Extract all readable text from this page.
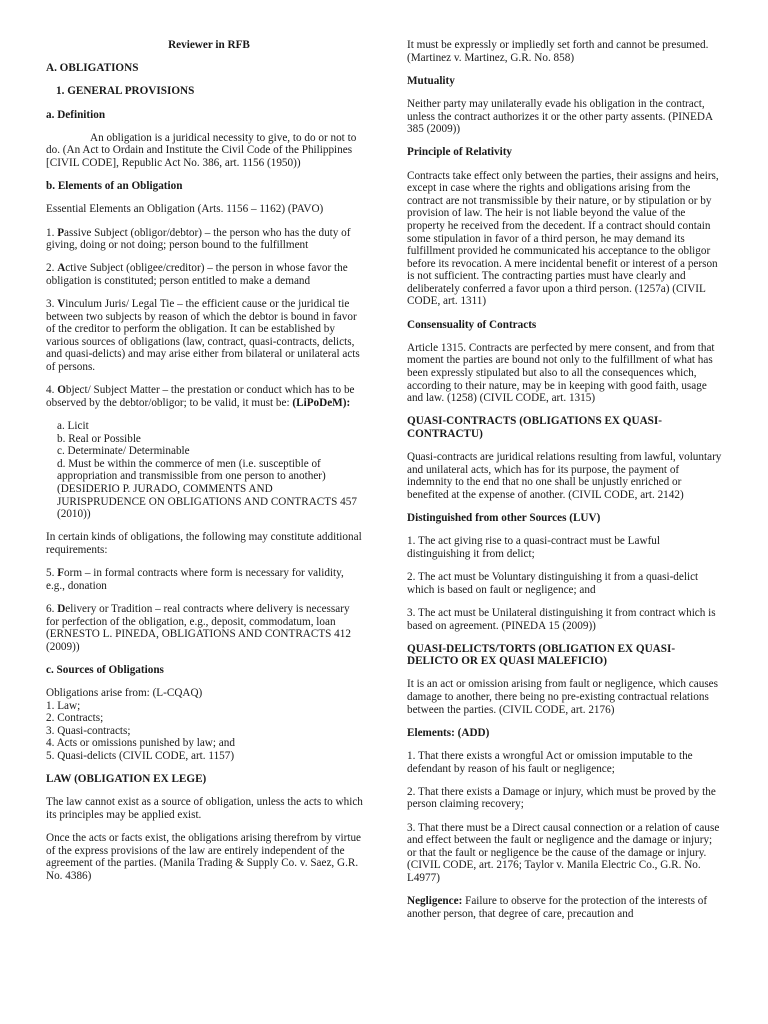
Reviewer in RFB

A. OBLIGATIONS

1. GENERAL PROVISIONS

a. Definition

An obligation is a juridical necessity to give, to do or not to do. (An Act to Ordain and Institute the Civil Code of the Philippines [CIVIL CODE], Republic Act No. 386, art. 1156 (1950))

b. Elements of an Obligation

Essential Elements an Obligation (Arts. 1156 – 1162) (PAVO)

1. Passive Subject (obligor/debtor) – the person who has the duty of giving, doing or not doing; person bound to the fulfillment

2. Active Subject (obligee/creditor) – the person in whose favor the obligation is constituted; person entitled to make a demand

3. Vinculum Juris/ Legal Tie – the efficient cause or the juridical tie between two subjects by reason of which the debtor is bound in favor of the creditor to perform the obligation. It can be established by various sources of obligations (law, contract, quasi-contracts, delicts, and quasi-delicts) and may arise either from bilateral or unilateral acts of persons.

4. Object/ Subject Matter – the prestation or conduct which has to be observed by the debtor/obligor; to be valid, it must be: (LiPoDeM):

a. Licit

b. Real or Possible

c. Determinate/ Determinable

d. Must be within the commerce of men (i.e. susceptible of appropriation and transmissible from one person to another) (DESIDERIO P. JURADO, COMMENTS AND JURISPRUDENCE ON OBLIGATIONS AND CONTRACTS 457 (2010))

In certain kinds of obligations, the following may constitute additional requirements:

5. Form – in formal contracts where form is necessary for validity, e.g., donation

6. Delivery or Tradition – real contracts where delivery is necessary for perfection of the obligation, e.g., deposit, commodatum, loan (ERNESTO L. PINEDA, OBLIGATIONS AND CONTRACTS 412 (2009))

c. Sources of Obligations

Obligations arise from: (L-CQAQ)

1. Law;

2. Contracts;

3. Quasi-contracts;

4. Acts or omissions punished by law; and

5. Quasi-delicts (CIVIL CODE, art. 1157)

LAW (OBLIGATION EX LEGE)

The law cannot exist as a source of obligation, unless the acts to which its principles may be applied exist.

Once the acts or facts exist, the obligations arising therefrom by virtue of the express provisions of the law are entirely independent of the agreement of the parties. (Manila Trading & Supply Co. v. Saez, G.R. No. 4386)

It must be expressly or impliedly set forth and cannot be presumed. (Martinez v. Martinez, G.R. No. 858)

Mutuality

Neither party may unilaterally evade his obligation in the contract, unless the contract authorizes it or the other party assents. (PINEDA 385 (2009))

Principle of Relativity

Contracts take effect only between the parties, their assigns and heirs, except in case where the rights and obligations arising from the contract are not transmissible by their nature, or by stipulation or by provision of law. The heir is not liable beyond the value of the property he received from the decedent. If a contract should contain some stipulation in favor of a third person, he may demand its fulfillment provided he communicated his acceptance to the obligor before its revocation. A mere incidental benefit or interest of a person is not sufficient. The contracting parties must have clearly and deliberately conferred a favor upon a third person. (1257a) (CIVIL CODE, art. 1311)

Consensuality of Contracts

Article 1315. Contracts are perfected by mere consent, and from that moment the parties are bound not only to the fulfillment of what has been expressly stipulated but also to all the consequences which, according to their nature, may be in keeping with good faith, usage and law. (1258) (CIVIL CODE, art. 1315)

QUASI-CONTRACTS (OBLIGATIONS EX QUASI-CONTRACTU)

Quasi-contracts are juridical relations resulting from lawful, voluntary and unilateral acts, which has for its purpose, the payment of indemnity to the end that no one shall be unjustly enriched or benefited at the expense of another. (CIVIL CODE, art. 2142)

Distinguished from other Sources (LUV)

1. The act giving rise to a quasi-contract must be Lawful distinguishing it from delict;

2. The act must be Voluntary distinguishing it from a quasi-delict which is based on fault or negligence; and

3. The act must be Unilateral distinguishing it from contract which is based on agreement. (PINEDA 15 (2009))

QUASI-DELICTS/TORTS (OBLIGATION EX QUASI-DELICTO OR EX QUASI MALEFICIO)

It is an act or omission arising from fault or negligence, which causes damage to another, there being no pre-existing contractual relations between the parties. (CIVIL CODE, art. 2176)

Elements: (ADD)

1. That there exists a wrongful Act or omission imputable to the defendant by reason of his fault or negligence;

2. That there exists a Damage or injury, which must be proved by the person claiming recovery;

3. That there must be a Direct causal connection or a relation of cause and effect between the fault or negligence and the damage or injury; or that the fault or negligence be the cause of the damage or injury. (CIVIL CODE, art. 2176; Taylor v. Manila Electric Co., G.R. No. L4977)

Negligence: Failure to observe for the protection of the interests of another person, that degree of care, precaution and
